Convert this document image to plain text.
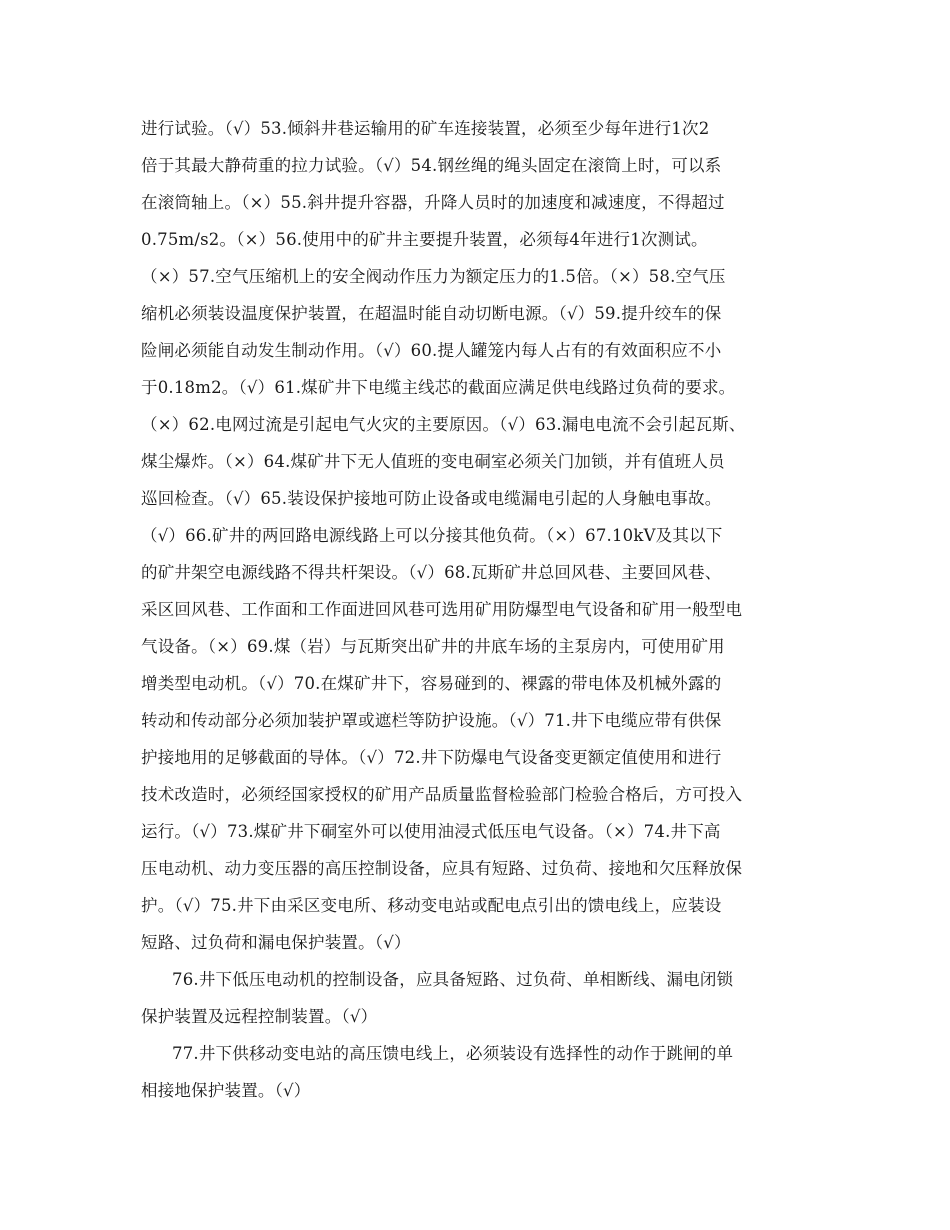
进行试验。（√）53.倾斜井巷运输用的矿车连接装置，必须至少每年进行1次2
倍于其最大静荷重的拉力试验。（√）54.钢丝绳的绳头固定在滚筒上时，可以系
在滚筒轴上。（×）55.斜井提升容器，升降人员时的加速度和减速度，不得超过
0.75m/s2。（×）56.使用中的矿井主要提升装置，必须每4年进行1次测试。
（×）57.空气压缩机上的安全阀动作压力为额定压力的1.5倍。（×）58.空气压
缩机必须装设温度保护装置，在超温时能自动切断电源。（√）59.提升绞车的保
险闸必须能自动发生制动作用。（√）60.提人罐笼内每人占有的有效面积应不小
于0.18m2。（√）61.煤矿井下电缆主线芯的截面应满足供电线路过负荷的要求。
（×）62.电网过流是引起电气火灾的主要原因。（√）63.漏电电流不会引起瓦斯、
煤尘爆炸。（×）64.煤矿井下无人值班的变电硐室必须关门加锁，并有值班人员
巡回检查。（√）65.装设保护接地可防止设备或电缆漏电引起的人身触电事故。
（√）66.矿井的两回路电源线路上可以分接其他负荷。（×）67.10kV及其以下
的矿井架空电源线路不得共杆架设。（√）68.瓦斯矿井总回风巷、主要回风巷、
采区回风巷、工作面和工作面进回风巷可选用矿用防爆型电气设备和矿用一般型电
气设备。（×）69.煤（岩）与瓦斯突出矿井的井底车场的主泵房内，可使用矿用
增类型电动机。（√）70.在煤矿井下，容易碰到的、裸露的带电体及机械外露的
转动和传动部分必须加装护罩或遮栏等防护设施。（√）71.井下电缆应带有供保
护接地用的足够截面的导体。（√）72.井下防爆电气设备变更额定值使用和进行
技术改造时，必须经国家授权的矿用产品质量监督检验部门检验合格后，方可投入
运行。（√）73.煤矿井下硐室外可以使用油浸式低压电气设备。（×）74.井下高
压电动机、动力变压器的高压控制设备，应具有短路、过负荷、接地和欠压释放保
护。（√）75.井下由采区变电所、移动变电站或配电点引出的馈电线上，应装设
短路、过负荷和漏电保护装置。（√）
76.井下低压电动机的控制设备，应具备短路、过负荷、单相断线、漏电闭锁
保护装置及远程控制装置。（√）
77.井下供移动变电站的高压馈电线上，必须装设有选择性的动作于跳闸的单
相接地保护装置。（√）
